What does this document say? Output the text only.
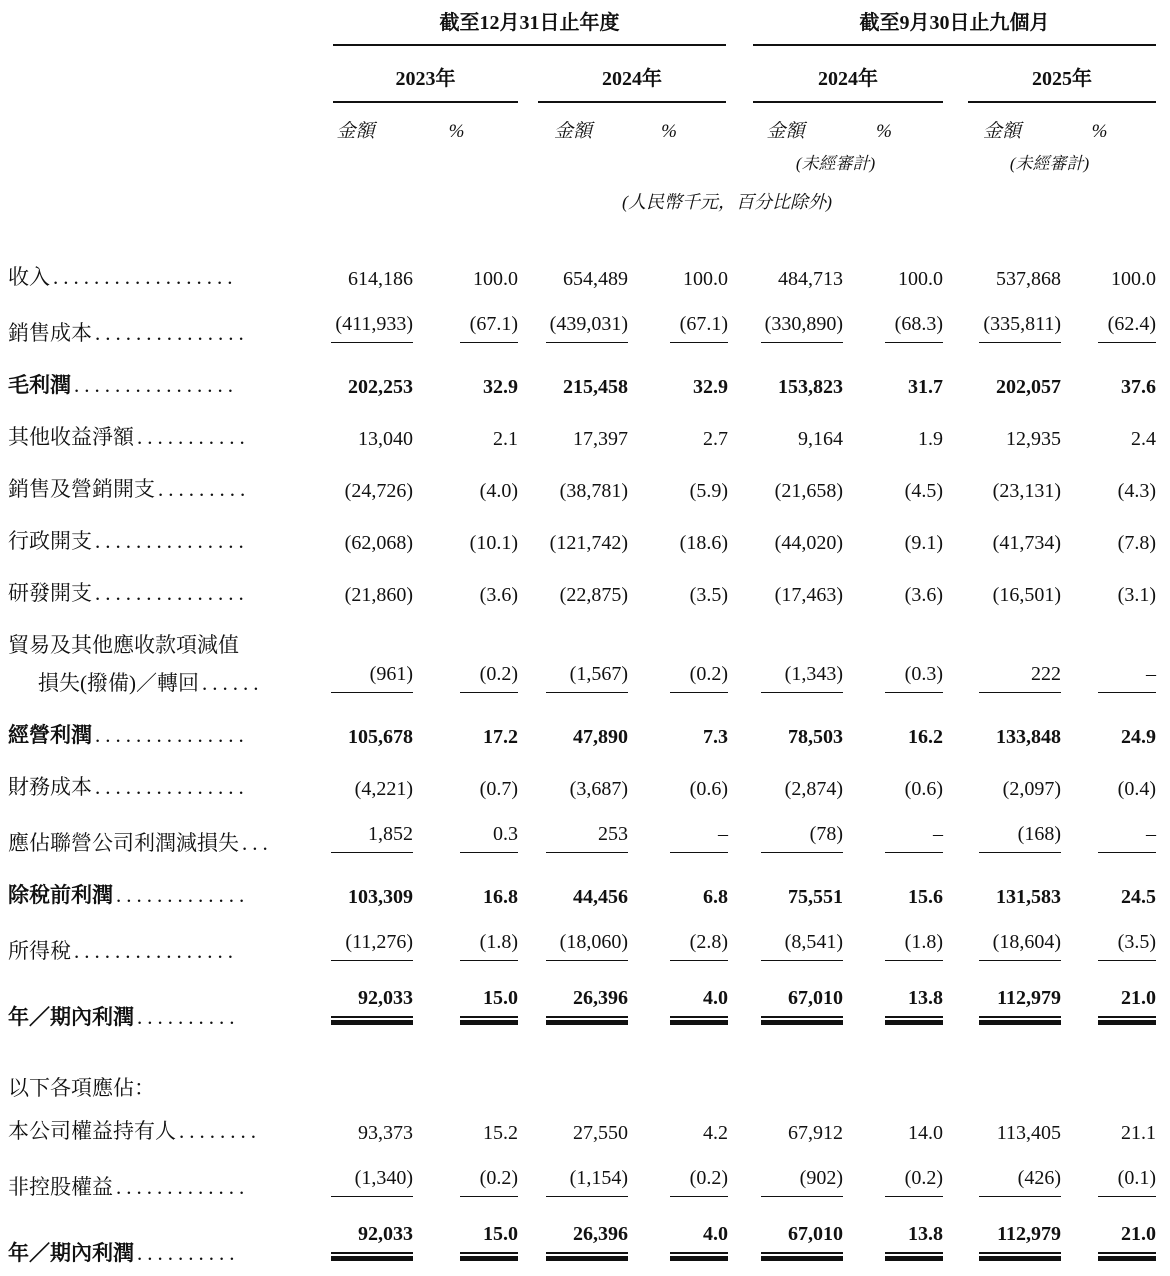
	截至12月31日止年度				截至9月30日止九個月			

	2023年		2024年		2024年		2025年	

	金額	%	金額	%	金額	%	金額	%
					(未經審計)		(未經審計)	
	(人民幣千元，百分比除外)							
收入 ..................	614,186	100.0	654,489	100.0	484,713	100.0	537,868	100.0
銷售成本 ...............	(411,933)	(67.1)	(439,031)	(67.1)	(330,890)	(68.3)	(335,811)	(62.4)
毛利潤 ................	202,253	32.9	215,458	32.9	153,823	31.7	202,057	37.6
其他收益淨額 ...........	13,040	2.1	17,397	2.7	9,164	1.9	12,935	2.4
銷售及營銷開支 .........	(24,726)	(4.0)	(38,781)	(5.9)	(21,658)	(4.5)	(23,131)	(4.3)
行政開支 ...............	(62,068)	(10.1)	(121,742)	(18.6)	(44,020)	(9.1)	(41,734)	(7.8)
研發開支 ...............	(21,860)	(3.6)	(22,875)	(3.5)	(17,463)	(3.6)	(16,501)	(3.1)
貿易及其他應收款項減值								
損失(撥備)／轉回 ......	(961)	(0.2)	(1,567)	(0.2)	(1,343)	(0.3)	222	–
經營利潤 ...............	105,678	17.2	47,890	7.3	78,503	16.2	133,848	24.9
財務成本 ...............	(4,221)	(0.7)	(3,687)	(0.6)	(2,874)	(0.6)	(2,097)	(0.4)
應佔聯營公司利潤減損失 ...	1,852	0.3	253	–	(78)	–	(168)	–
除稅前利潤 .............	103,309	16.8	44,456	6.8	75,551	15.6	131,583	24.5
所得稅 ................	(11,276)	(1.8)	(18,060)	(2.8)	(8,541)	(1.8)	(18,604)	(3.5)
年／期內利潤 ..........	92,033	15.0	26,396	4.0	67,010	13.8	112,979	21.0
以下各項應佔：								
本公司權益持有人 ........	93,373	15.2	27,550	4.2	67,912	14.0	113,405	21.1
非控股權益 .............	(1,340)	(0.2)	(1,154)	(0.2)	(902)	(0.2)	(426)	(0.1)
年／期內利潤 ..........	92,033	15.0	26,396	4.0	67,010	13.8	112,979	21.0
